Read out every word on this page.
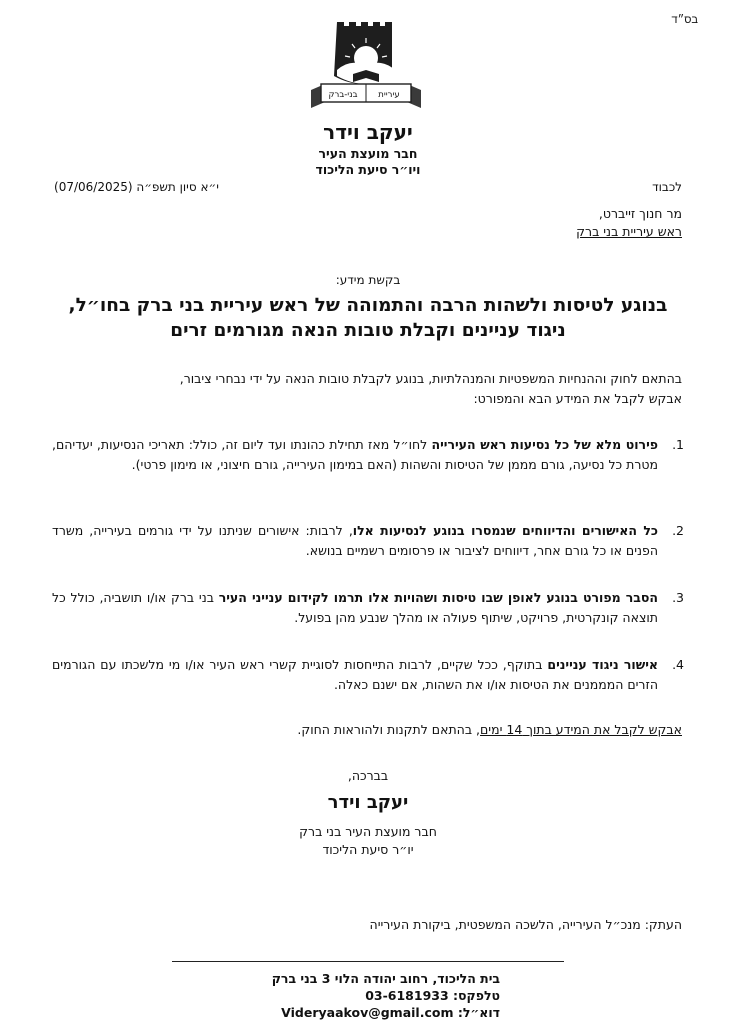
בס״ד
בני-ברק עיריית
יעקב וידר
חבר מועצת העיר
ויו״ר סיעת הליכוד
לכבוד
י״א סיון תשפ״ה (07/06/2025)
מר חנוך זייברט,
ראש עיריית בני ברק
בקשת מידע:
בנוגע לטיסות ולשהות הרבה והתמוהה של ראש עיריית בני ברק בחו״ל,
ניגוד עניינים וקבלת טובות הנאה מגורמים זרים
בהתאם לחוק וההנחיות המשפטיות והמנהלתיות, בנוגע לקבלת טובות הנאה על ידי נבחרי ציבור,
אבקש לקבל את המידע הבא והמפורט:
1.
פירוט מלא של כל נסיעות ראש העירייה לחו״ל מאז תחילת כהונתו ועד ליום זה, כולל: תאריכי הנסיעות, יעדיהם, מטרת כל נסיעה, גורם מממן של הטיסות והשהות (האם במימון העירייה, גורם חיצוני, או מימון פרטי).
2.
כל האישורים והדיווחים שנמסרו בנוגע לנסיעות אלו, לרבות: אישורים שניתנו על ידי גורמים בעירייה, משרד הפנים או כל גורם אחר, דיווחים לציבור או פרסומים רשמיים בנושא.
3.
הסבר מפורט בנוגע לאופן שבו טיסות ושהויות אלו תרמו לקידום ענייני העיר בני ברק או/ו תושביה, כולל כל תוצאה קונקרטית, פרויקט, שיתוף פעולה או מהלך שנבע מהן בפועל.
4.
אישור ניגוד עניינים בתוקף, ככל שקיים, לרבות התייחסות לסוגיית קשרי ראש העיר או/ו מי מלשכתו עם הגורמים הזרים המממנים את הטיסות או/ו את השהות, אם ישנם כאלה.
אבקש לקבל את המידע בתוך 14 ימים, בהתאם לתקנות ולהוראות החוק.
בברכה,
יעקב וידר
חבר מועצת העיר בני ברק
יו״ר סיעת הליכוד
העתק: מנכ״ל העירייה, הלשכה המשפטית, ביקורת העירייה
בית הליכוד, רחוב יהודה הלוי 3 בני ברק
טלפקס: 03-6181933
דוא״ל: Videryaakov@gmail.com
